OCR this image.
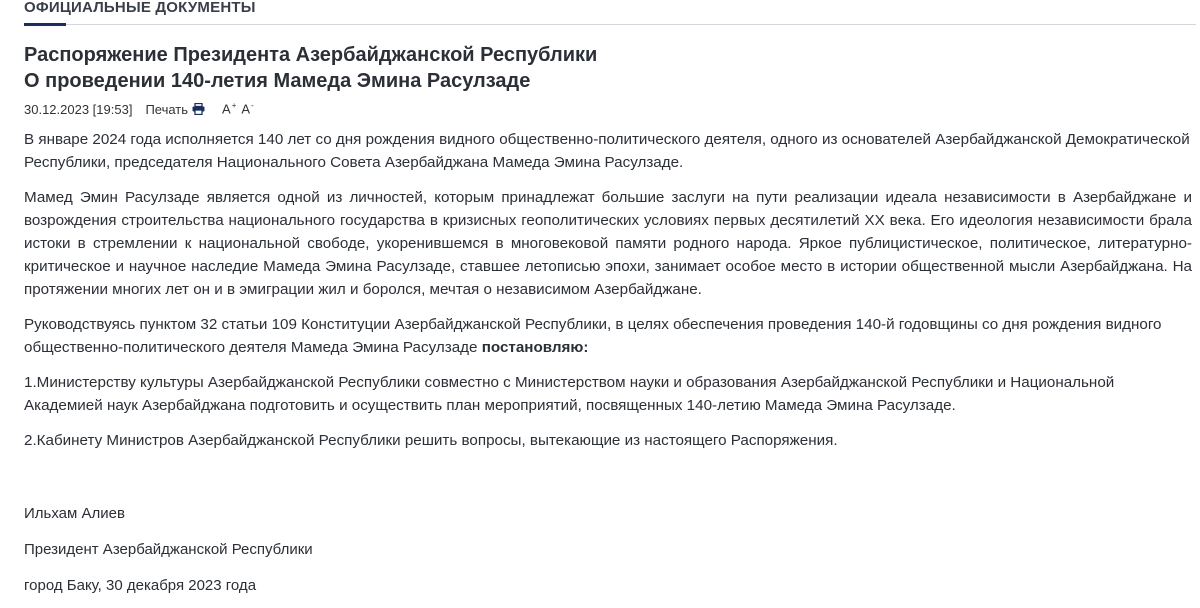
ОФИЦИАЛЬНЫЕ ДОКУМЕНТЫ
Распоряжение Президента Азербайджанской Республики
О проведении 140-летия Мамеда Эмина Расулзаде
30.12.2023 [19:53] Печать	A+ A-

В январе 2024 года исполняется 140 лет со дня рождения видного общественно-политического деятеля, одного из основателей Азербайджанской Демократической Республики, председателя Национального Совета Азербайджана Мамеда Эмина Расулзаде.

Мамед Эмин Расулзаде является одной из личностей, которым принадлежат большие заслуги на пути реализации идеала независимости в Азербайджане и возрождения строительства национального государства в кризисных геополитических условиях первых десятилетий XX века. Его идеология независимости брала истоки в стремлении к национальной свободе, укоренившемся в многовековой памяти родного народа. Яркое публицистическое, политическое, литературно-критическое и научное наследие Мамеда Эмина Расулзаде, ставшее летописью эпохи, занимает особое место в истории общественной мысли Азербайджана. На протяжении многих лет он и в эмиграции жил и боролся, мечтая о независимом Азербайджане.

Руководствуясь пунктом 32 статьи 109 Конституции Азербайджанской Республики, в целях обеспечения проведения 140-й годовщины со дня рождения видного общественно-политического деятеля Мамеда Эмина Расулзаде постановляю:

1.Министерству культуры Азербайджанской Республики совместно с Министерством науки и образования Азербайджанской Республики и Национальной Академией наук Азербайджана подготовить и осуществить план мероприятий, посвященных 140-летию Мамеда Эмина Расулзаде.

2.Кабинету Министров Азербайджанской Республики решить вопросы, вытекающие из настоящего Распоряжения.

Ильхам Алиев
Президент Азербайджанской Республики
город Баку, 30 декабря 2023 года
